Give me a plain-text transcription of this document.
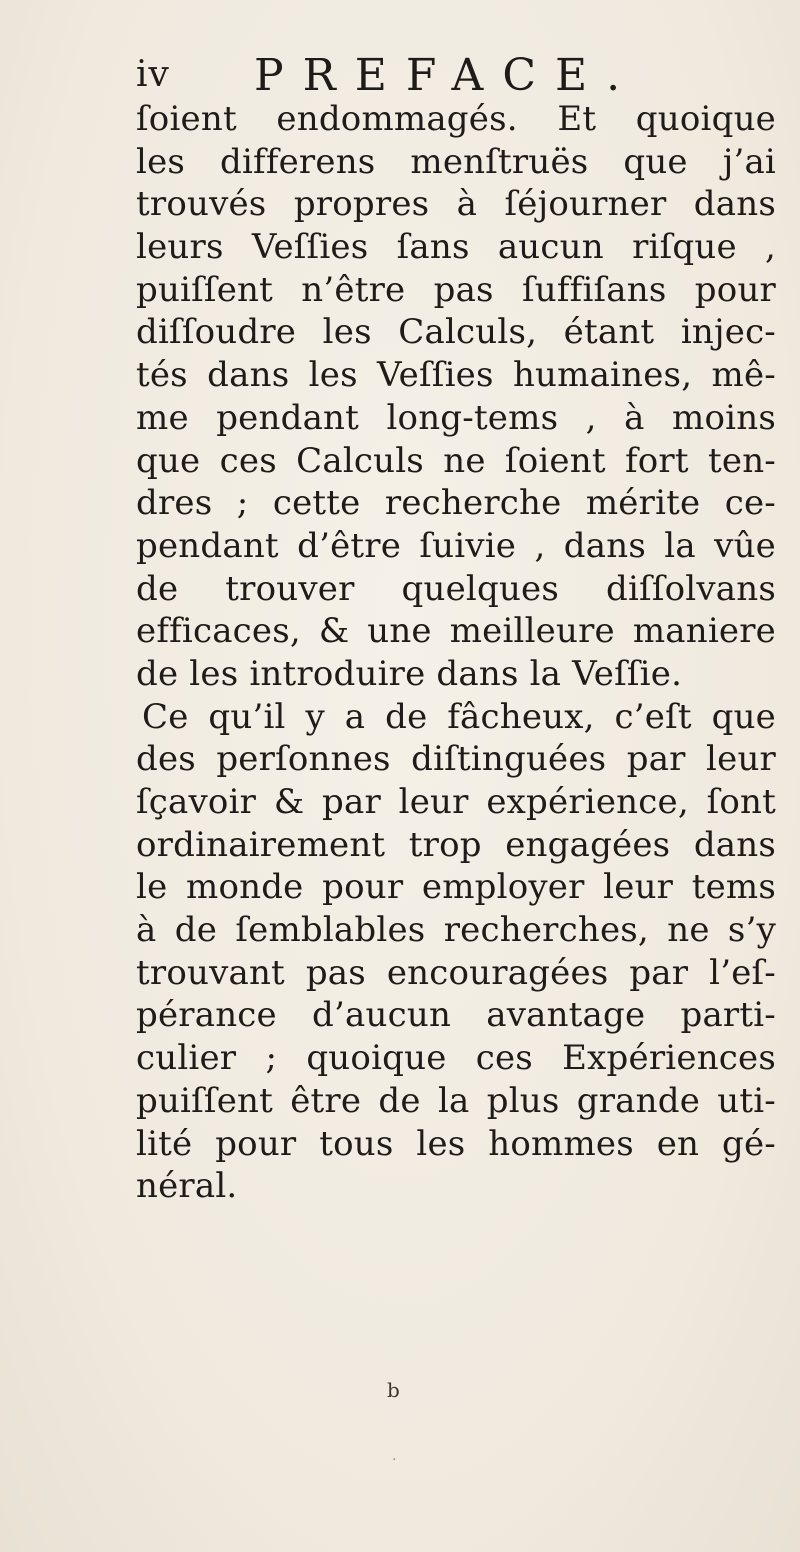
iv PREFACE.
ſoient endommagés. Et quoique
les differens menſtruës que j’ai
trouvés propres à ſéjourner dans
leurs Veſſies ſans aucun riſque ,
puiſſent n’être pas ſuffiſans pour
diſſoudre les Calculs, étant injec-
tés dans les Veſſies humaines, mê-
me pendant long-tems , à moins
que ces Calculs ne ſoient fort ten-
dres ; cette recherche mérite ce-
pendant d’être ſuivie , dans la vûe
de trouver quelques diſſolvans
efficaces, & une meilleure maniere
de les introduire dans la Veſſie.
Ce qu’il y a de fâcheux, c’eſt que
des perſonnes diſtinguées par leur
ſçavoir & par leur expérience, ſont
ordinairement trop engagées dans
le monde pour employer leur tems
à de ſemblables recherches, ne s’y
trouvant pas encouragées par l’eſ-
pérance d’aucun avantage parti-
culier ; quoique ces Expériences
puiſſent être de la plus grande uti-
lité pour tous les hommes en gé-
néral.
b
·
